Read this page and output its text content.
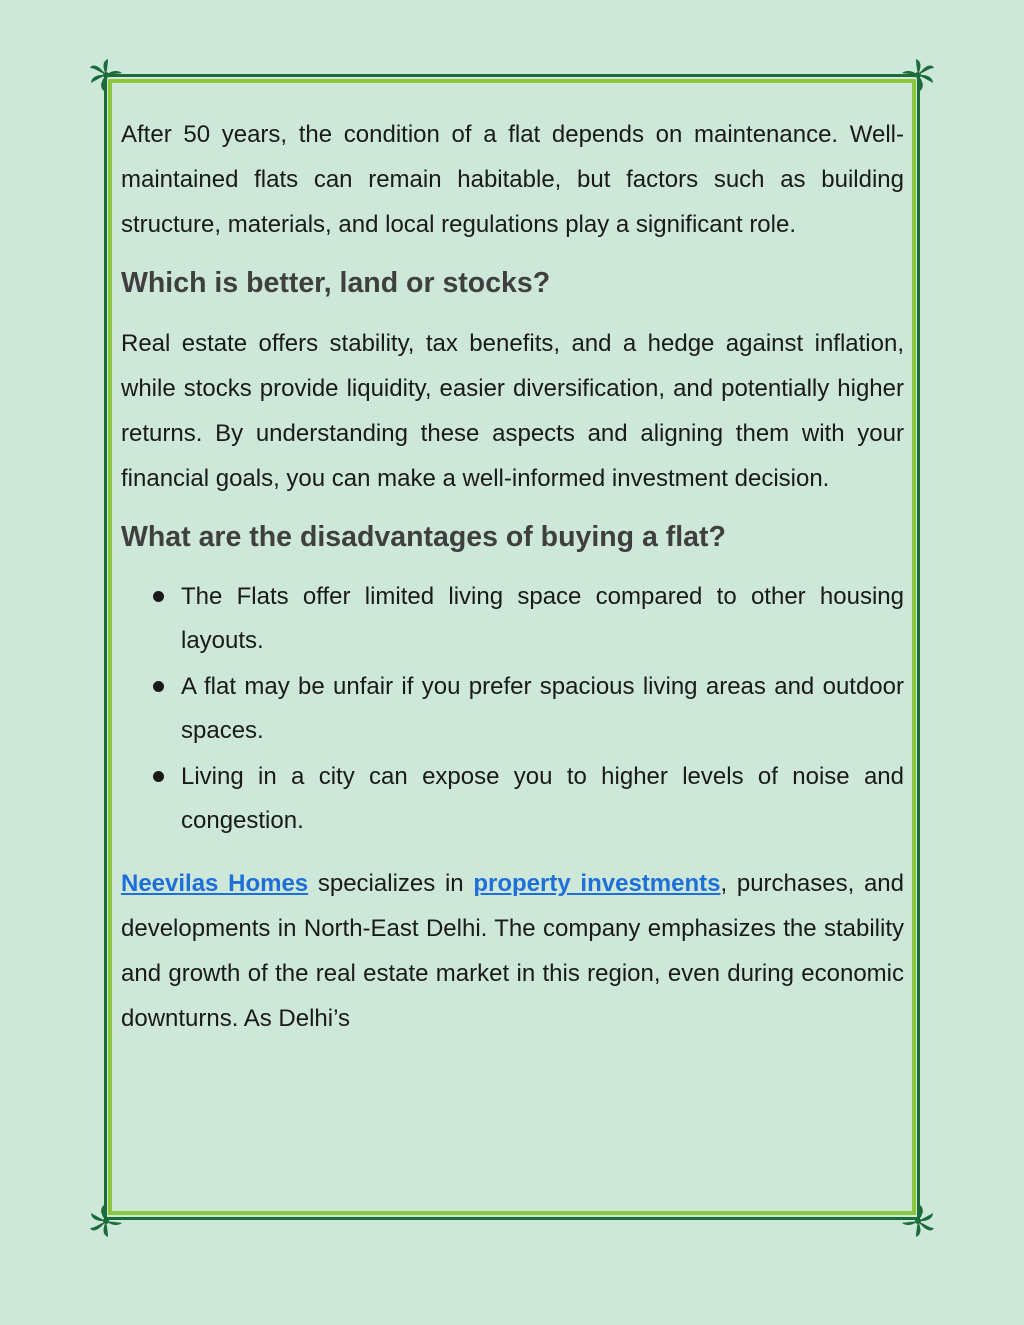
After 50 years, the condition of a flat depends on maintenance. Well-maintained flats can remain habitable, but factors such as building structure, materials, and local regulations play a significant role.

Which is better, land or stocks?

Real estate offers stability, tax benefits, and a hedge against inflation, while stocks provide liquidity, easier diversification, and potentially higher returns. By understanding these aspects and aligning them with your financial goals, you can make a well-informed investment decision.

What are the disadvantages of buying a flat?
The Flats offer limited living space compared to other housing layouts.
A flat may be unfair if you prefer spacious living areas and outdoor spaces.
Living in a city can expose you to higher levels of noise and congestion.

Neevilas Homes specializes in property investments, purchases, and developments in North-East Delhi. The company emphasizes the stability and growth of the real estate market in this region, even during economic downturns. As Delhi’s
